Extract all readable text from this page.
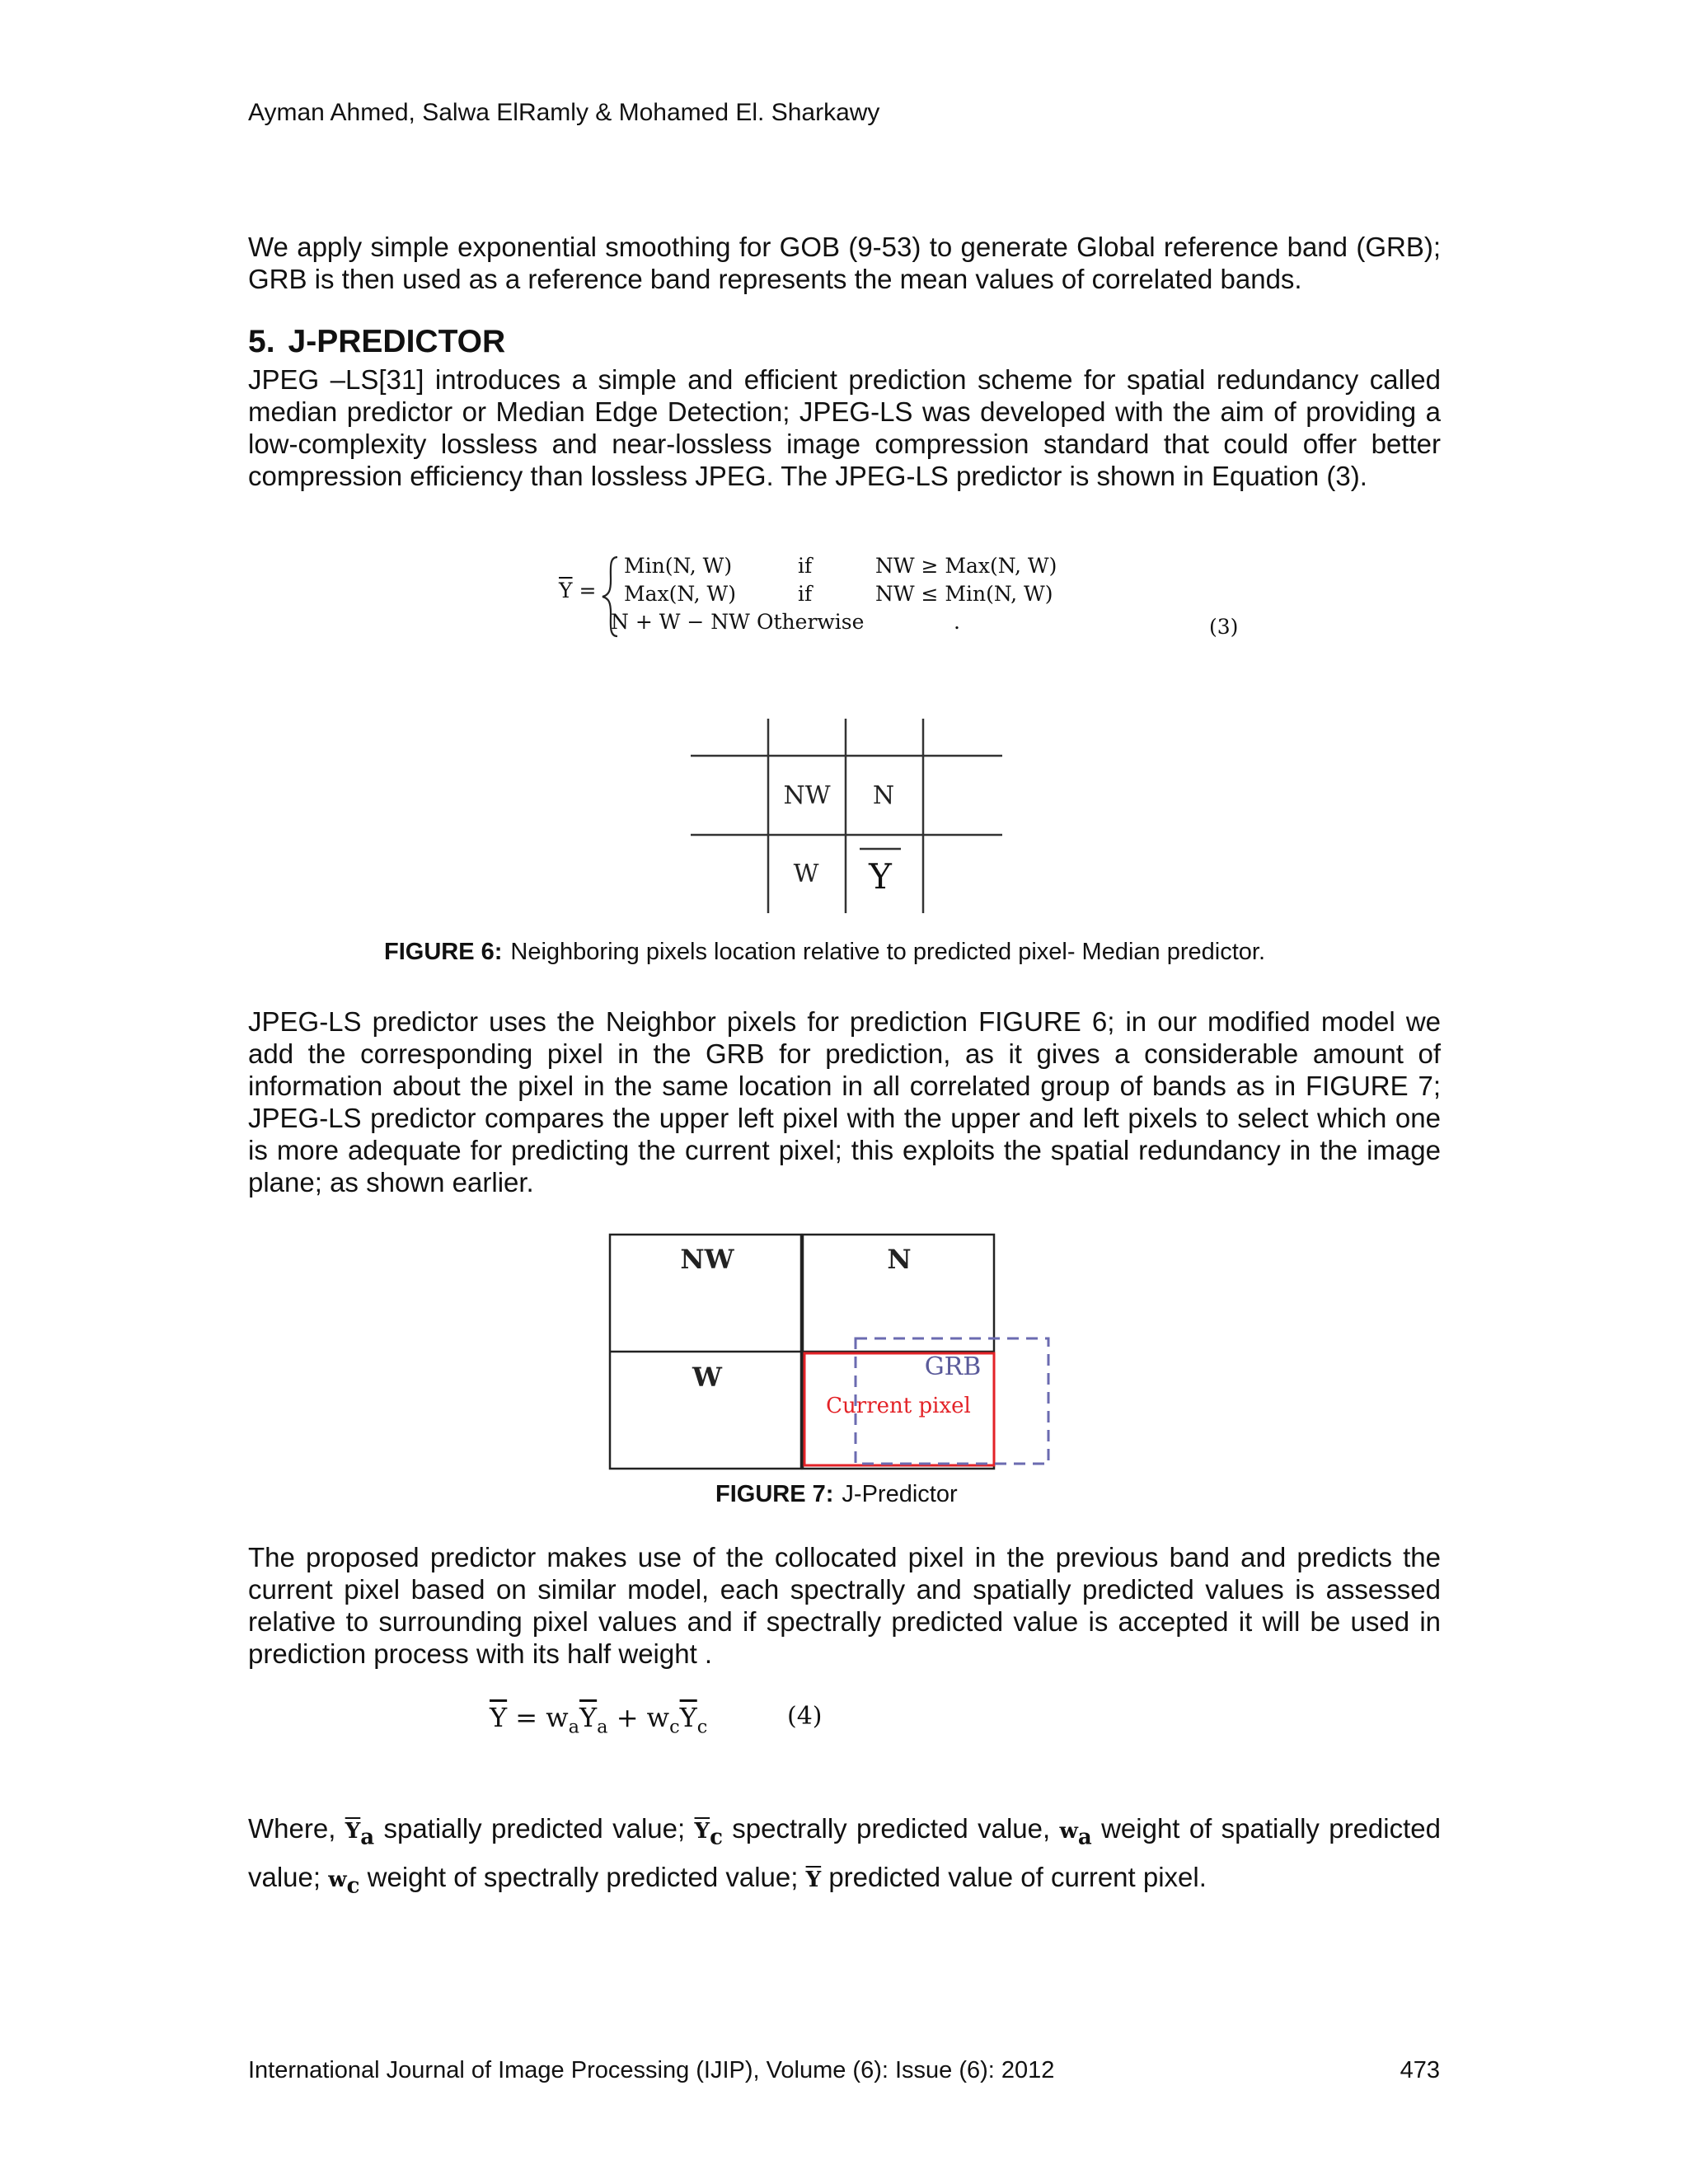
Ayman Ahmed, Salwa ElRamly & Mohamed El. Sharkawy

We apply simple exponential smoothing for GOB (9-53) to generate Global reference band (GRB); GRB is then used as a reference band represents the mean values of correlated bands.

5. J-PREDICTOR

JPEG –LS[31] introduces a simple and efficient prediction scheme for spatial redundancy called median predictor or Median Edge Detection; JPEG-LS was developed with the aim of providing a low-complexity lossless and near-lossless image compression standard that could offer better compression efficiency than lossless JPEG. The JPEG-LS predictor is shown in Equation (3).

$\overline{Y}$ =
Min(N, W)	if	NW ≥ Max(N, W)
Max(N, W)	if	NW ≤ Min(N, W)
N + W − NW Otherwise	.	(3)
NW N
W Y
FIGURE 6: Neighboring pixels location relative to predicted pixel- Median predictor.

JPEG-LS predictor uses the Neighbor pixels for prediction FIGURE 6; in our modified model we add the corresponding pixel in the GRB for prediction, as it gives a considerable amount of information about the pixel in the same location in all correlated group of bands as in FIGURE 7; JPEG-LS predictor compares the upper left pixel with the upper and left pixels to select which one is more adequate for predicting the current pixel; this exploits the spatial redundancy in the image plane; as shown earlier.

NW	N
W	GRB
Current pixel
FIGURE 7: J-Predictor

The proposed predictor makes use of the collocated pixel in the previous band and predicts the current pixel based on similar model, each spectrally and spatially predicted values is assessed relative to surrounding pixel values and if spectrally predicted value is accepted it will be used in prediction process with its half weight .

$\overline{Y} = w_a\overline{Y}_a + w_c\overline{Y}_c$	(4)

Where, $\overline{Y}_a$ spatially predicted value; $\overline{Y}_c$ spectrally predicted value, $w_a$ weight of spatially predicted value; $w_c$ weight of spectrally predicted value; $\overline{Y}$ predicted value of current pixel.

International Journal of Image Processing (IJIP), Volume (6): Issue (6): 2012	473
